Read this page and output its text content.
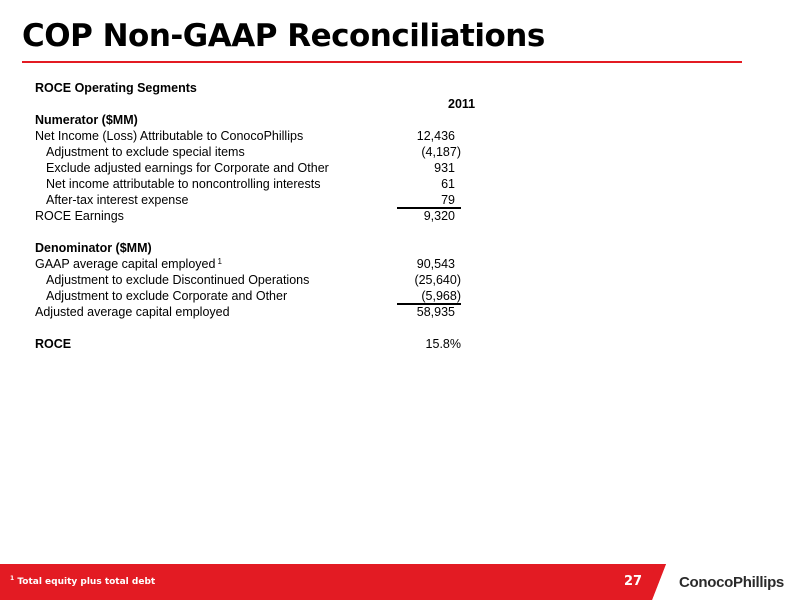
COP Non-GAAP Reconciliations
ROCE Operating Segments
2011
Numerator ($MM)
Net Income (Loss) Attributable to ConocoPhillips	12,436
Adjustment to exclude special items	(4,187)
Exclude adjusted earnings for Corporate and Other	931
Net income attributable to noncontrolling interests	61
After-tax interest expense	79
ROCE Earnings	9,320
Denominator ($MM)
GAAP average capital employed $^1$	90,543
Adjustment to exclude Discontinued Operations	(25,640)
Adjustment to exclude Corporate and Other	(5,968)
Adjusted average capital employed	58,935
ROCE	15.8%
$^1$ Total equity plus total debt	27 ConocoPhillips
